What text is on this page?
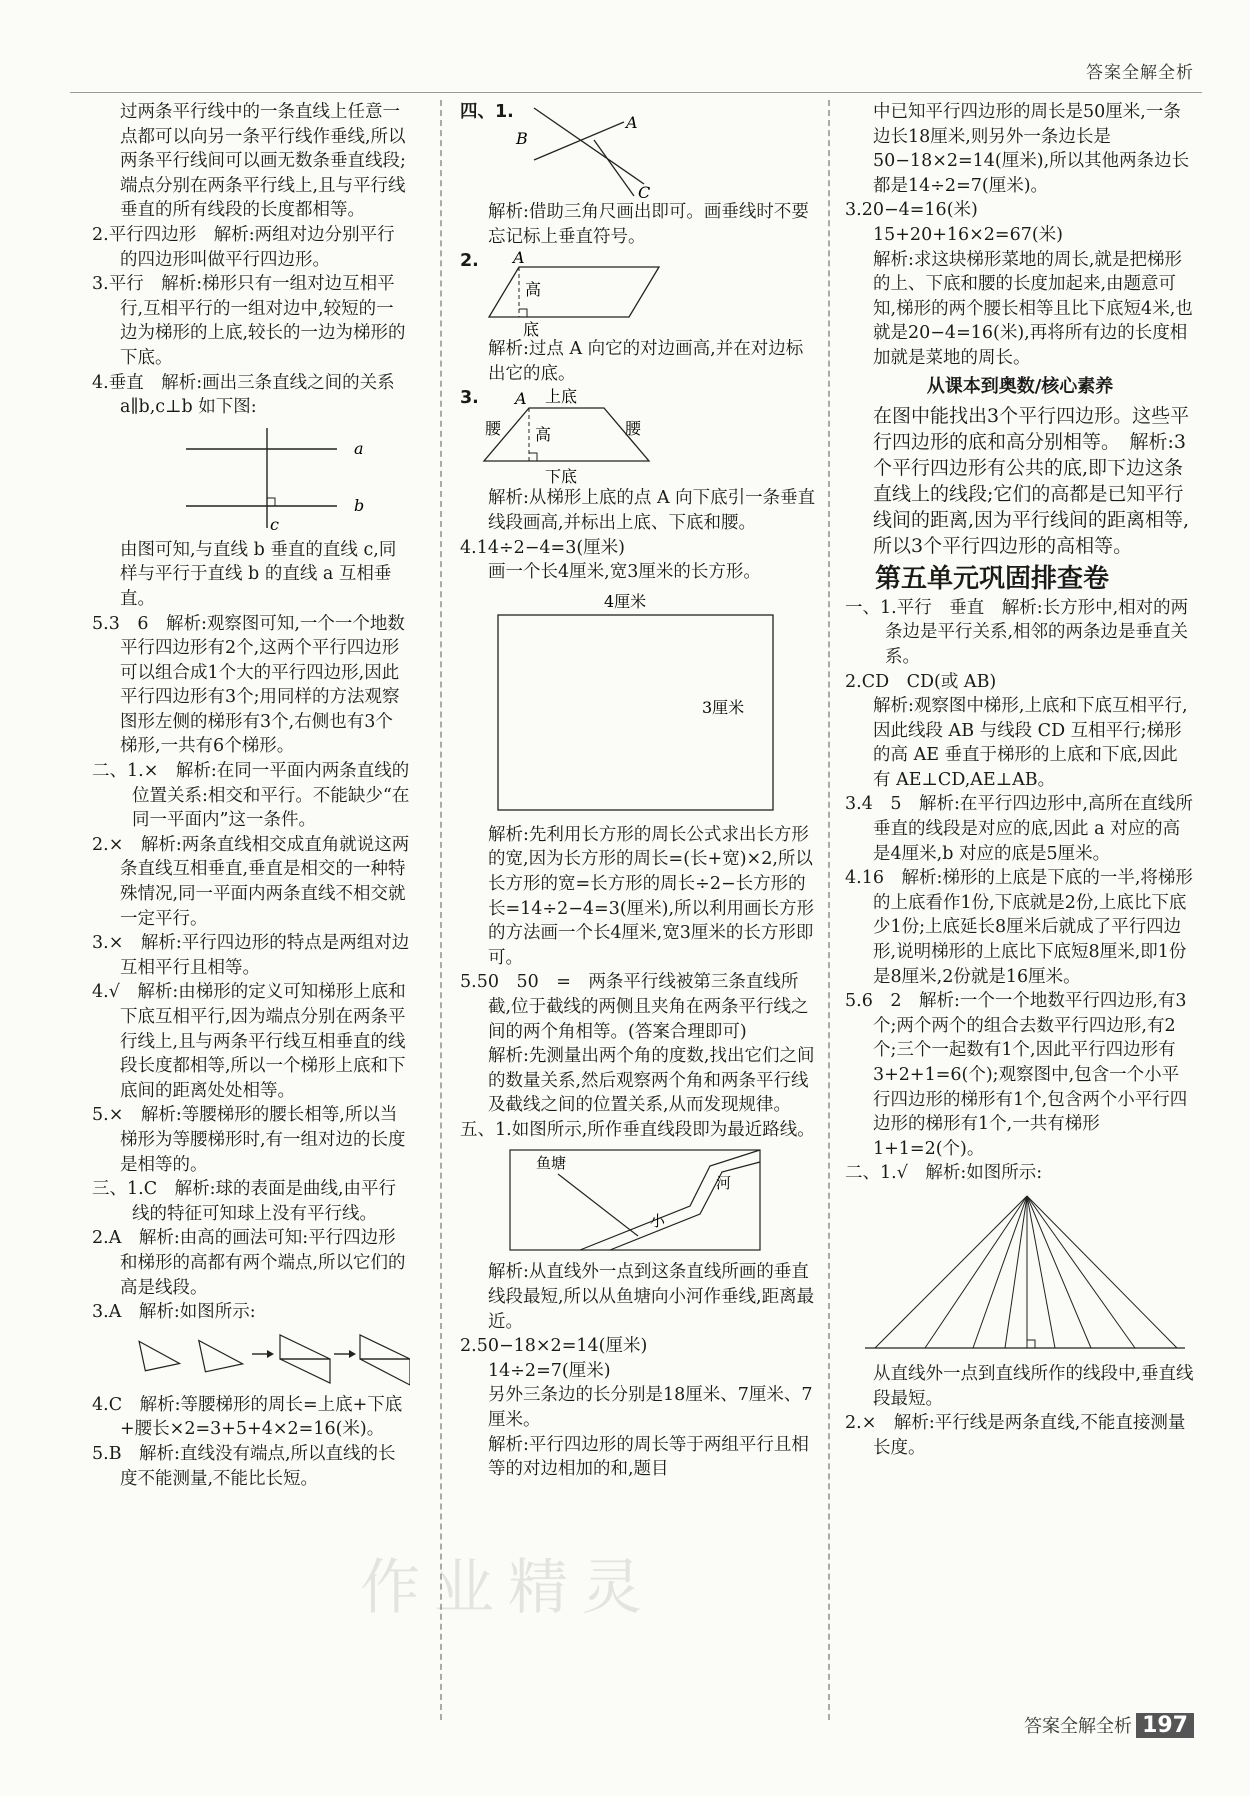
答案全解全析

过两条平行线中的一条直线上任意一点都可以向另一条平行线作垂线,所以两条平行线间可以画无数条垂直线段;端点分别在两条平行线上,且与平行线垂直的所有线段的长度都相等。

2.平行四边形　解析:两组对边分别平行的四边形叫做平行四边形。

3.平行　解析:梯形只有一组对边互相平行,互相平行的一组对边中,较短的一边为梯形的上底,较长的一边为梯形的下底。

4.垂直　解析:画出三条直线之间的关系 a∥b,c⊥b 如下图:

a
b
c

由图可知,与直线 b 垂直的直线 c,同样与平行于直线 b 的直线 a 互相垂直。

5.3　6　解析:观察图可知,一个一个地数平行四边形有2个,这两个平行四边形可以组合成1个大的平行四边形,因此平行四边形有3个;用同样的方法观察图形左侧的梯形有3个,右侧也有3个梯形,一共有6个梯形。

二、1.×　解析:在同一平面内两条直线的位置关系:相交和平行。不能缺少“在同一平面内”这一条件。

2.×　解析:两条直线相交成直角就说这两条直线互相垂直,垂直是相交的一种特殊情况,同一平面内两条直线不相交就一定平行。

3.×　解析:平行四边形的特点是两组对边互相平行且相等。

4.√　解析:由梯形的定义可知梯形上底和下底互相平行,因为端点分别在两条平行线上,且与两条平行线互相垂直的线段长度都相等,所以一个梯形上底和下底间的距离处处相等。

5.×　解析:等腰梯形的腰长相等,所以当梯形为等腰梯形时,有一组对边的长度是相等的。

三、1.C　解析:球的表面是曲线,由平行线的特征可知球上没有平行线。

2.A　解析:由高的画法可知:平行四边形和梯形的高都有两个端点,所以它们的高是线段。

3.A　解析:如图所示:

4.C　解析:等腰梯形的周长=上底+下底+腰长×2=3+5+4×2=16(米)。

5.B　解析:直线没有端点,所以直线的长度不能测量,不能比长短。

四、1.
A
B
C

解析:借助三角尺画出即可。画垂线时不要忘记标上垂直符号。

2. A
高
底

解析:过点 A 向它的对边画高,并在对边标出它的底。

3. A 上底
腰	腰
高
下底

解析:从梯形上底的点 A 向下底引一条垂直线段画高,并标出上底、下底和腰。

4.14÷2−4=3(厘米)

画一个长4厘米,宽3厘米的长方形。

4厘米
3厘米

解析:先利用长方形的周长公式求出长方形的宽,因为长方形的周长=(长+宽)×2,所以长方形的宽=长方形的周长÷2−长方形的长=14÷2−4=3(厘米),所以利用画长方形的方法画一个长4厘米,宽3厘米的长方形即可。

5.50　50　=　两条平行线被第三条直线所截,位于截线的两侧且夹角在两条平行线之间的两个角相等。(答案合理即可)

解析:先测量出两个角的度数,找出它们之间的数量关系,然后观察两个角和两条平行线及截线之间的位置关系,从而发现规律。

五、1.如图所示,所作垂直线段即为最近路线。

鱼塘
河
小

解析:从直线外一点到这条直线所画的垂直线段最短,所以从鱼塘向小河作垂线,距离最近。

2.50−18×2=14(厘米)

14÷2=7(厘米)

另外三条边的长分别是18厘米、7厘米、7厘米。

解析:平行四边形的周长等于两组平行且相等的对边相加的和,题目

中已知平行四边形的周长是50厘米,一条边长18厘米,则另外一条边长是 50−18×2=14(厘米),所以其他两条边长都是14÷2=7(厘米)。

3.20−4=16(米)

15+20+16×2=67(米)

解析:求这块梯形菜地的周长,就是把梯形的上、下底和腰的长度加起来,由题意可知,梯形的两个腰长相等且比下底短4米,也就是20−4=16(米),再将所有边的长度相加就是菜地的周长。

从课本到奥数/核心素养

在图中能找出3个平行四边形。这些平行四边形的底和高分别相等。　解析:3个平行四边形有公共的底,即下边这条直线上的线段;它们的高都是已知平行线间的距离,因为平行线间的距离相等,所以3个平行四边形的高相等。

第五单元巩固排查卷

一、1.平行　垂直　解析:长方形中,相对的两条边是平行关系,相邻的两条边是垂直关系。

2.CD　CD(或 AB)

解析:观察图中梯形,上底和下底互相平行,因此线段 AB 与线段 CD 互相平行;梯形的高 AE 垂直于梯形的上底和下底,因此有 AE⊥CD,AE⊥AB。

3.4　5　解析:在平行四边形中,高所在直线所垂直的线段是对应的底,因此 a 对应的高是4厘米,b 对应的底是5厘米。

4.16　解析:梯形的上底是下底的一半,将梯形的上底看作1份,下底就是2份,上底比下底少1份;上底延长8厘米后就成了平行四边形,说明梯形的上底比下底短8厘米,即1份是8厘米,2份就是16厘米。

5.6　2　解析:一个一个地数平行四边形,有3个;两个两个的组合去数平行四边形,有2个;三个一起数有1个,因此平行四边形有3+2+1=6(个);观察图中,包含一个小平行四边形的梯形有1个,包含两个小平行四边形的梯形有1个,一共有梯形1+1=2(个)。

二、1.√　解析:如图所示:

从直线外一点到直线所作的线段中,垂直线段最短。

2.×　解析:平行线是两条直线,不能直接测量长度。

作业精灵
答案全解全析 197
